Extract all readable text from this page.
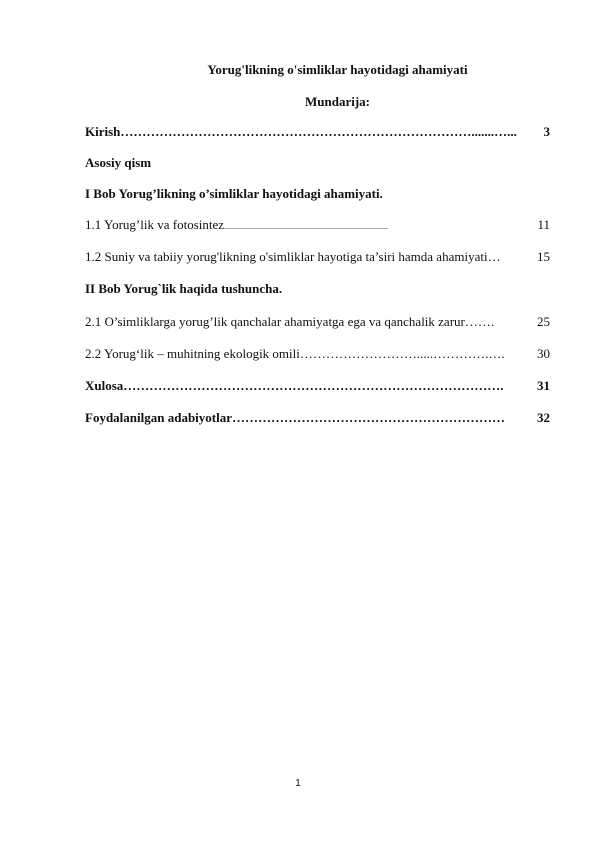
Yorug'likning o'simliklar hayotidagi ahamiyati
Mundarija:
Kirish ……………………………………………………………………….......…...	3
Asosiy qism
I Bob Yorug’likning o’simliklar hayotidagi ahamiyati.
1.1 Yorug’lik va fotosintez ..................................................................................	11
1.2 Suniy va tabiiy yorug'likning o'simliklar hayotiga ta’siri hamda ahamiyati …	15
II Bob Yorug`lik haqida tushuncha.
2.1 O’simliklarga yorug’lik qanchalar ahamiyatga ega va qanchalik zarur …….	25
2.2 Yorug‘lik – muhitning ekologik omili ……………………….....………….….	30
Xulosa …………………………………………………………………………….	31
Foydalanilgan adabiyotlar ………………………………………………………	32
1
